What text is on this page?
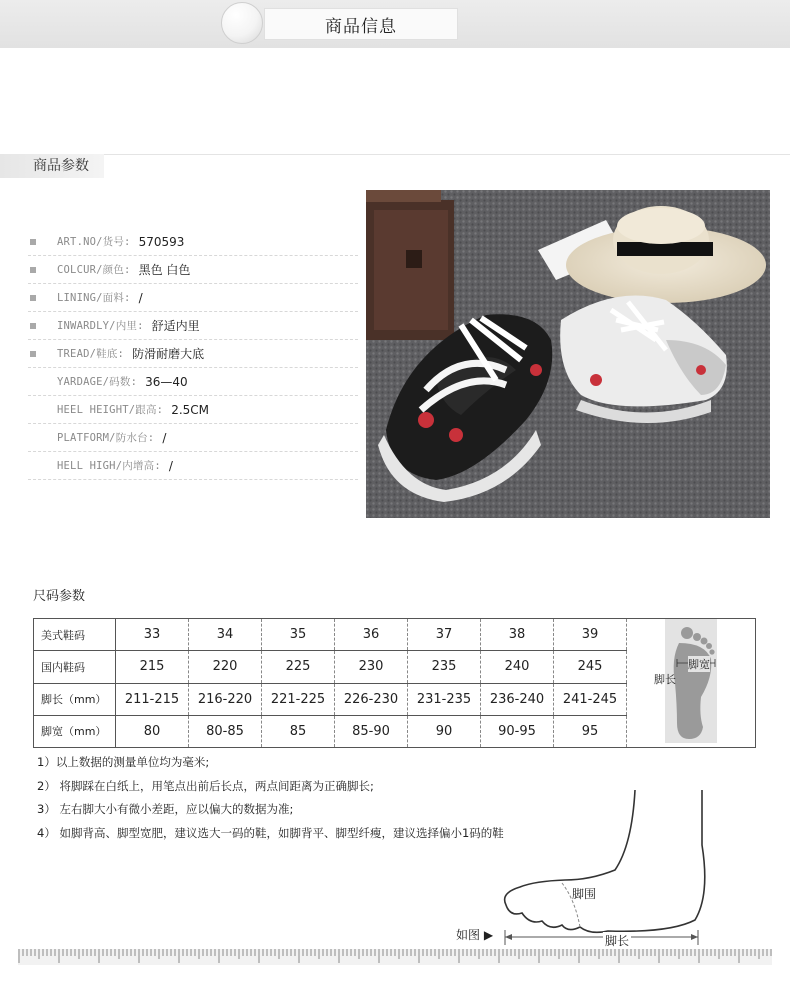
商品信息
商品参数
ART.NO/货号: 570593
COLCUR/颜色: 黑色 白色
LINING/面料: /
INWARDLY/内里: 舒适内里
TREAD/鞋底: 防滑耐磨大底
YARDAGE/码数: 36—40
HEEL HEIGHT/跟高: 2.5CM
PLATFORM/防水台: /
HELL HIGH/内增高: /
尺码参数
美式鞋码	33	34	35	36	37	38	39	脚宽
脚长

国内鞋码	215	220	225	230	235	240	245	
脚长（mm）	211-215	216-220	221-225	226-230	231-235	236-240	241-245	
脚宽（mm）	80	80-85	85	85-90	90	90-95	95	
1）以上数据的测量单位均为毫米;
2） 将脚踩在白纸上，用笔点出前后长点，两点间距离为正确脚长;
3） 左右脚大小有微小差距，应以偏大的数据为准;
4） 如脚背高、脚型宽肥，建议选大一码的鞋，如脚背平、脚型纤瘦，建议选择偏小1码的鞋
脚围
脚长
如图 ▶
